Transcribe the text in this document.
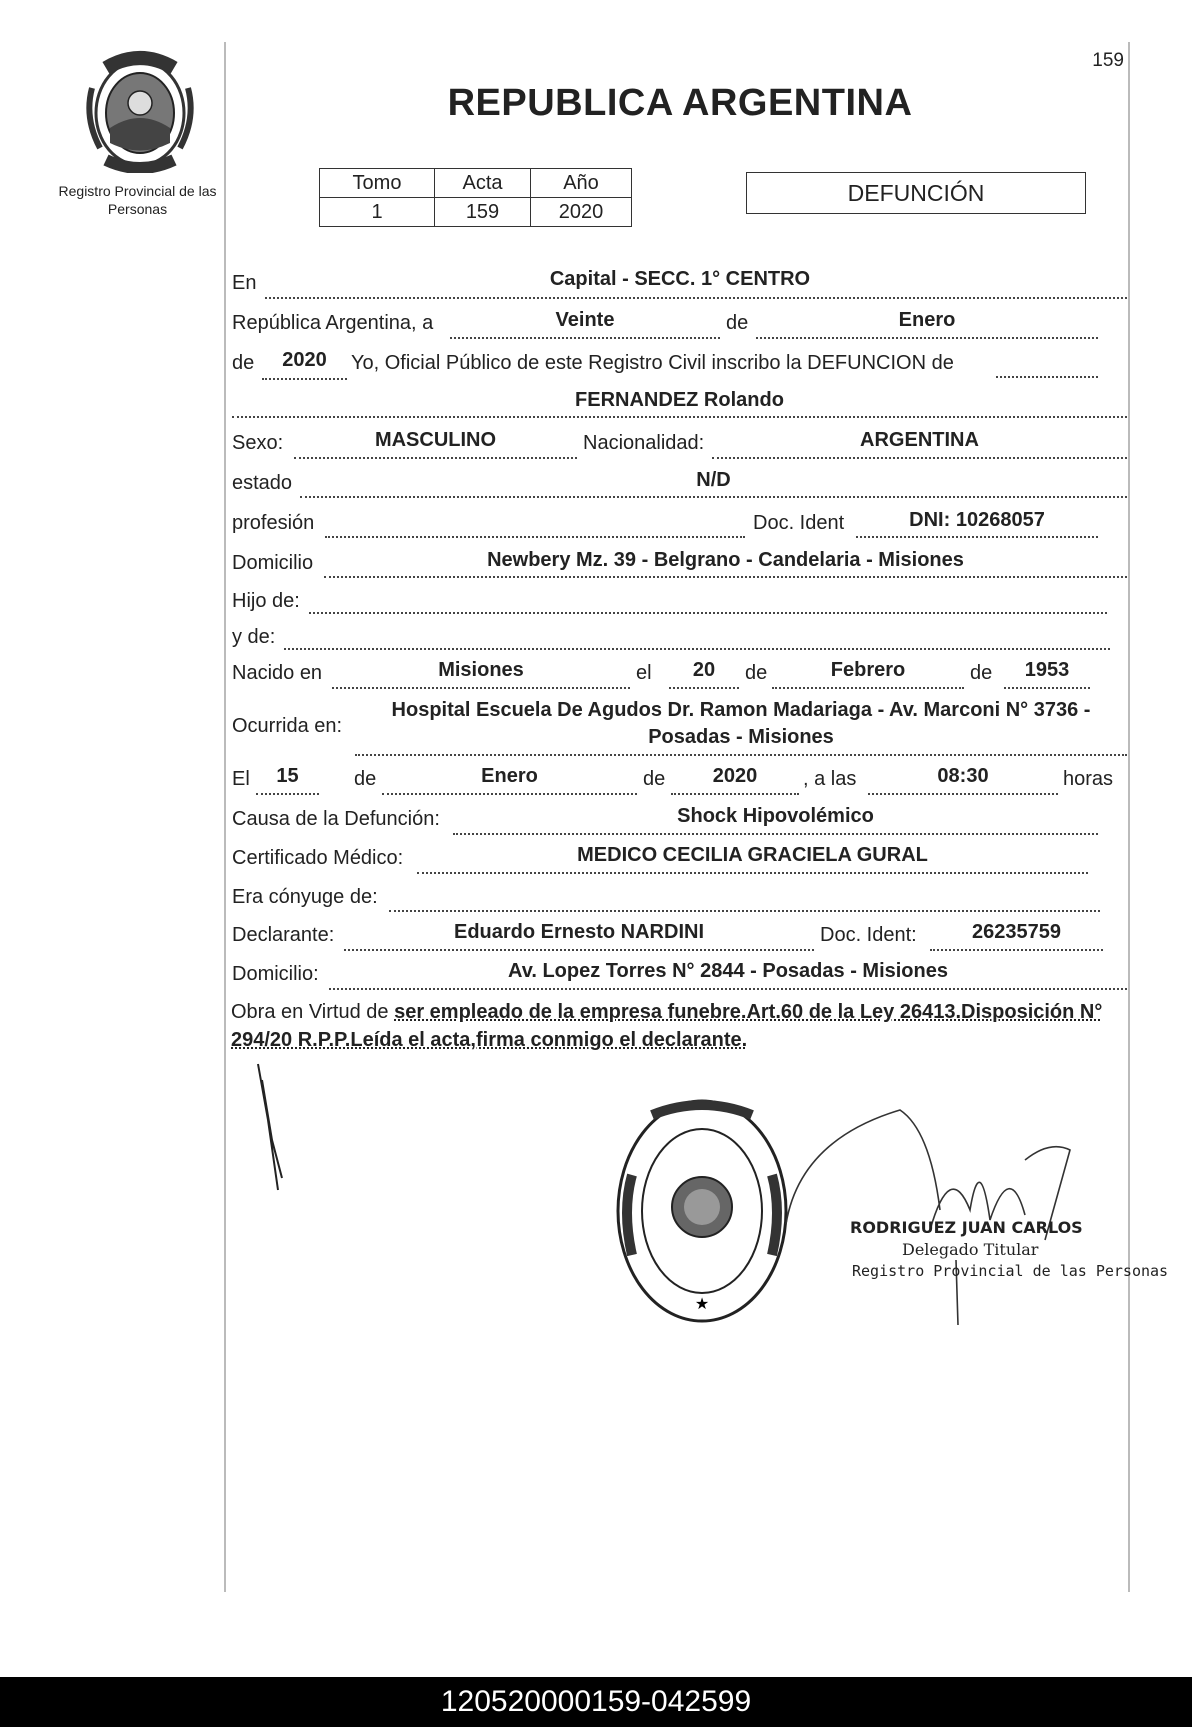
Registro Provincial de las Personas
REPUBLICA ARGENTINA
159
Tomo	Acta	Año
1	159	2020
DEFUNCIÓN
En	Capital - SECC. 1° CENTRO
República Argentina, a	Veinte	de	Enero
de	2020	Yo, Oficial Público de este Registro Civil inscribo la DEFUNCION de
FERNANDEZ Rolando
Sexo:	MASCULINO	Nacionalidad:	ARGENTINA
estado	N/D
profesión	Doc. Ident	DNI: 10268057
Domicilio	Newbery Mz. 39 - Belgrano - Candelaria - Misiones
Hijo de:
y de:
Nacido en	Misiones	el	20	de	Febrero	de	1953
Ocurrida en:
Hospital Escuela De Agudos Dr. Ramon Madariaga - Av. Marconi N° 3736 -
Posadas - Misiones
El	15	de	Enero	de	2020	, a las	08:30	horas
Causa de la Defunción:	Shock Hipovolémico
Certificado Médico:	MEDICO CECILIA GRACIELA GURAL
Era cónyuge de:
Declarante:	Eduardo Ernesto NARDINI	Doc. Ident:	26235759
Domicilio:	Av. Lopez Torres N° 2844 - Posadas - Misiones
Obra en Virtud de ser empleado de la empresa funebre.Art.60 de la Ley 26413.Disposición N° 294/20 R.P.P.Leída el acta,firma conmigo el declarante.
★
RODRIGUEZ JUAN CARLOS
Delegado Titular
Registro Provincial de las Personas
120520000159-042599
